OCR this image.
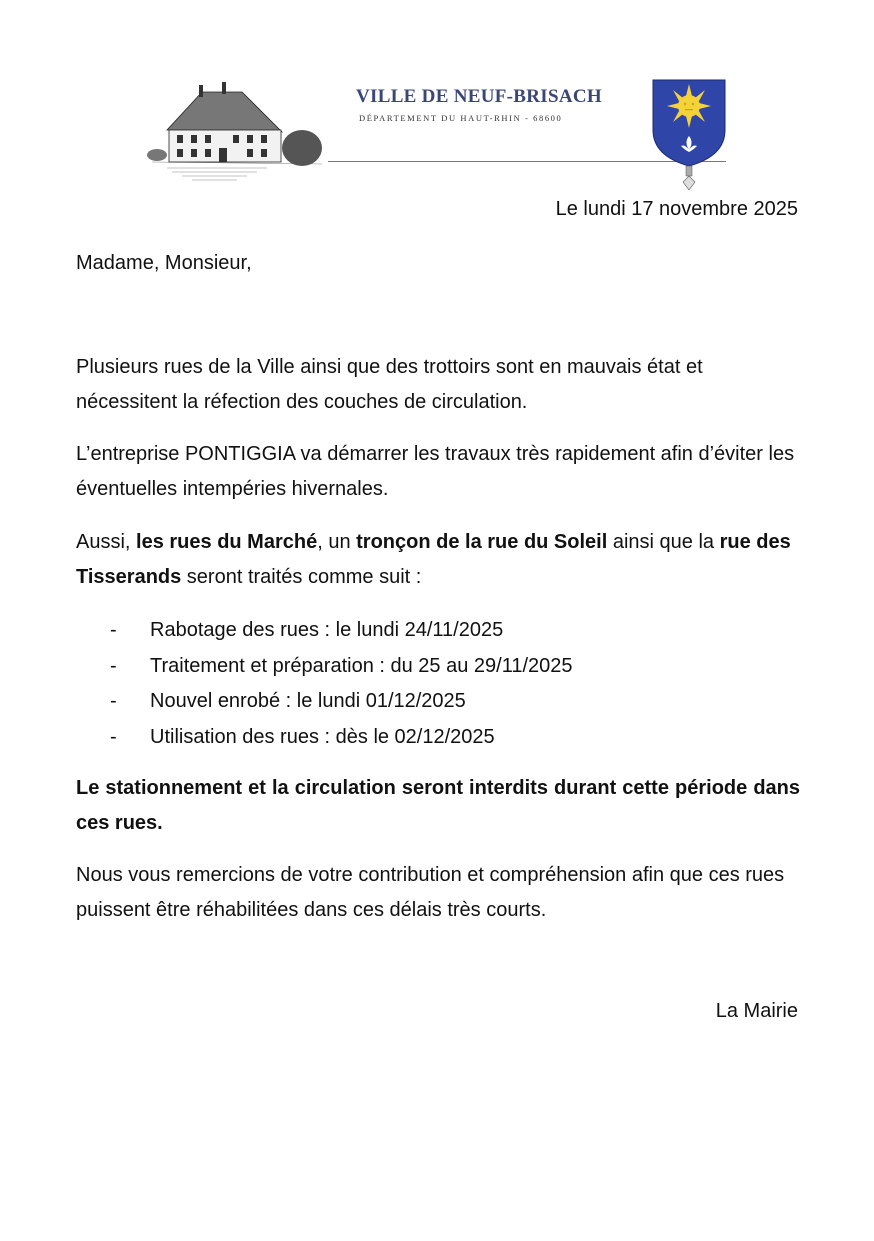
VILLE DE NEUF-BRISACH
DÉPARTEMENT DU HAUT-RHIN - 68600
Le lundi 17 novembre 2025
Madame, Monsieur,
Plusieurs rues de la Ville ainsi que des trottoirs sont en mauvais état et nécessitent la réfection des couches de circulation.
L’entreprise PONTIGGIA va démarrer les travaux très rapidement afin d’éviter les éventuelles intempéries hivernales.
Aussi, les rues du Marché, un tronçon de la rue du Soleil ainsi que la rue des Tisserands seront traités comme suit :
-	Rabotage des rues : le lundi 24/11/2025
-	Traitement et préparation : du 25 au 29/11/2025
-	Nouvel enrobé : le lundi 01/12/2025
-	Utilisation des rues : dès le 02/12/2025
Le stationnement et la circulation seront interdits durant cette période dans ces rues.
Nous vous remercions de votre contribution et compréhension afin que ces rues puissent être réhabilitées dans ces délais très courts.
La Mairie
